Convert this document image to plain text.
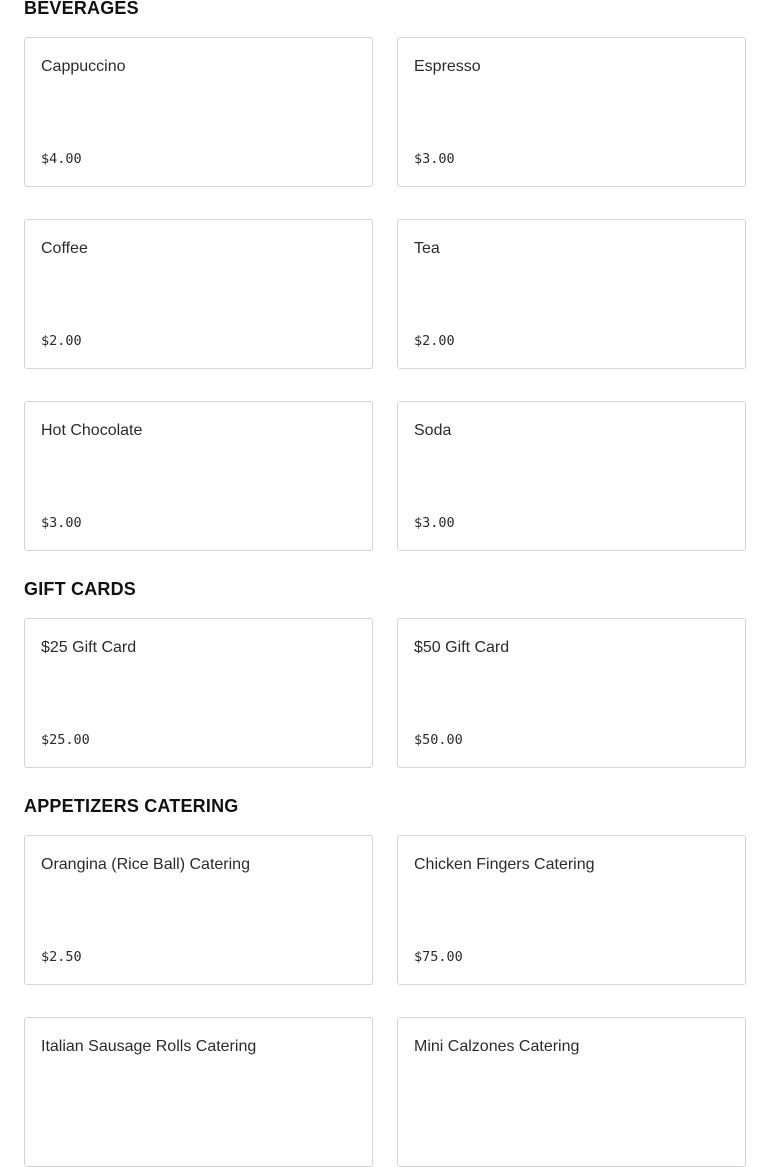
BEVERAGES
Cappuccino
$4.00
Espresso
$3.00
Coffee
$2.00
Tea
$2.00
Hot Chocolate
$3.00
Soda
$3.00
GIFT CARDS
$25 Gift Card
$25.00
$50 Gift Card
$50.00
APPETIZERS CATERING
Orangina (Rice Ball) Catering
$2.50
Chicken Fingers Catering
$75.00
Italian Sausage Rolls Catering	Mini Calzones Catering
